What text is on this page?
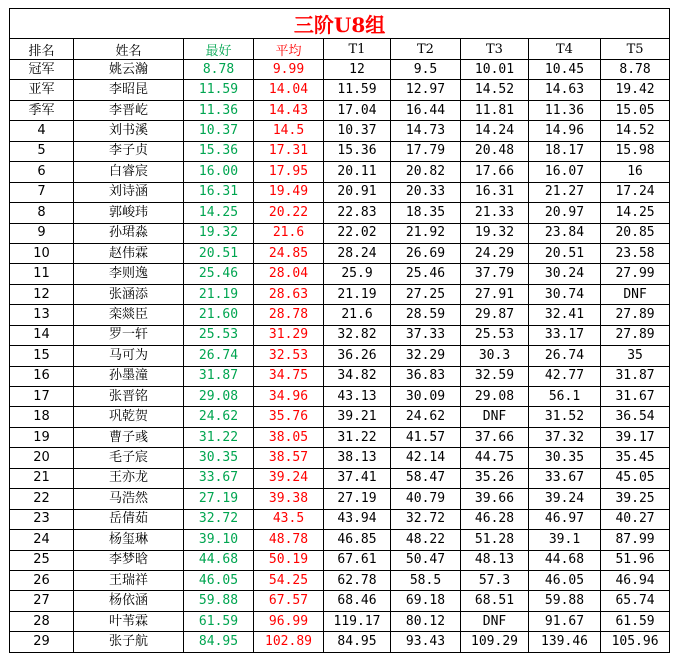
三阶U8组								
排名	姓名	最好	平均	T1	T2	T3	T4	T5
冠军	姚云瀚	8.78	9.99	12	9.5	10.01	10.45	8.78
亚军	李昭昆	11.59	14.04	11.59	12.97	14.52	14.63	19.42
季军	李晋屹	11.36	14.43	17.04	16.44	11.81	11.36	15.05
4	刘书溪	10.37	14.5	10.37	14.73	14.24	14.96	14.52
5	李子贞	15.36	17.31	15.36	17.79	20.48	18.17	15.98
6	白睿宸	16.00	17.95	20.11	20.82	17.66	16.07	16
7	刘诗涵	16.31	19.49	20.91	20.33	16.31	21.27	17.24
8	郭峻玮	14.25	20.22	22.83	18.35	21.33	20.97	14.25
9	孙珺淼	19.32	21.6	22.02	21.92	19.32	23.84	20.85
10	赵伟霖	20.51	24.85	28.24	26.69	24.29	20.51	23.58
11	李则逸	25.46	28.04	25.9	25.46	37.79	30.24	27.99
12	张涵添	21.19	28.63	21.19	27.25	27.91	30.74	DNF
13	栾燚臣	21.60	28.78	21.6	28.59	29.87	32.41	27.89
14	罗一轩	25.53	31.29	32.82	37.33	25.53	33.17	27.89
15	马可为	26.74	32.53	36.26	32.29	30.3	26.74	35
16	孙墨潼	31.87	34.75	34.82	36.83	32.59	42.77	31.87
17	张晋铭	29.08	34.96	43.13	30.09	29.08	56.1	31.67
18	巩乾贺	24.62	35.76	39.21	24.62	DNF	31.52	36.54
19	曹子彧	31.22	38.05	31.22	41.57	37.66	37.32	39.17
20	毛子宸	30.35	38.57	38.13	42.14	44.75	30.35	35.45
21	王亦龙	33.67	39.24	37.41	58.47	35.26	33.67	45.05
22	马浩然	27.19	39.38	27.19	40.79	39.66	39.24	39.25
23	岳倩茹	32.72	43.5	43.94	32.72	46.28	46.97	40.27
24	杨玺琳	39.10	48.78	46.85	48.22	51.28	39.1	87.99
25	李梦晗	44.68	50.19	67.61	50.47	48.13	44.68	51.96
26	王瑞祥	46.05	54.25	62.78	58.5	57.3	46.05	46.94
27	杨依涵	59.88	67.57	68.46	69.18	68.51	59.88	65.74
28	叶苇霖	61.59	96.99	119.17	80.12	DNF	91.67	61.59
29	张子航	84.95	102.89	84.95	93.43	109.29	139.46	105.96
